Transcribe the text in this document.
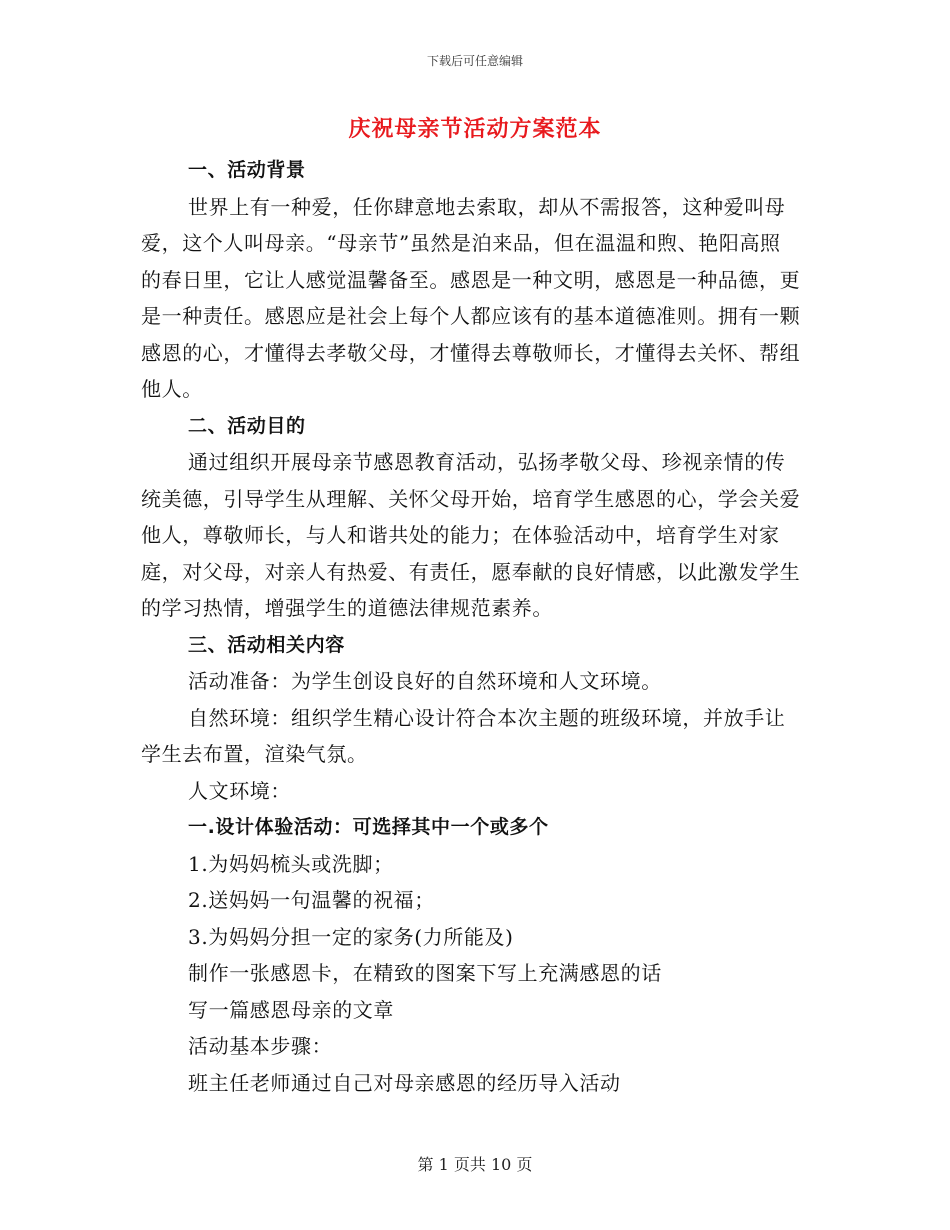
下载后可任意编辑
庆祝母亲节活动方案范本

一、活动背景

世界上有一种爱，任你肆意地去索取，却从不需报答，这种爱叫母爱，这个人叫母亲。“母亲节”虽然是泊来品，但在温温和煦、艳阳高照的春日里，它让人感觉温馨备至。感恩是一种文明，感恩是一种品德，更是一种责任。感恩应是社会上每个人都应该有的基本道德准则。拥有一颗感恩的心，才懂得去孝敬父母，才懂得去尊敬师长，才懂得去关怀、帮组他人。

二、活动目的

通过组织开展母亲节感恩教育活动，弘扬孝敬父母、珍视亲情的传统美德，引导学生从理解、关怀父母开始，培育学生感恩的心，学会关爱他人，尊敬师长，与人和谐共处的能力；在体验活动中，培育学生对家庭，对父母，对亲人有热爱、有责任，愿奉献的良好情感，以此激发学生的学习热情，增强学生的道德法律规范素养。

三、活动相关内容

活动准备：为学生创设良好的自然环境和人文环境。

自然环境：组织学生精心设计符合本次主题的班级环境，并放手让学生去布置，渲染气氛。

人文环境：

一.设计体验活动：可选择其中一个或多个

1.为妈妈梳头或洗脚；

2.送妈妈一句温馨的祝福；

3.为妈妈分担一定的家务(力所能及)

制作一张感恩卡，在精致的图案下写上充满感恩的话

写一篇感恩母亲的文章

活动基本步骤：

班主任老师通过自己对母亲感恩的经历导入活动

第 1 页共 10 页
